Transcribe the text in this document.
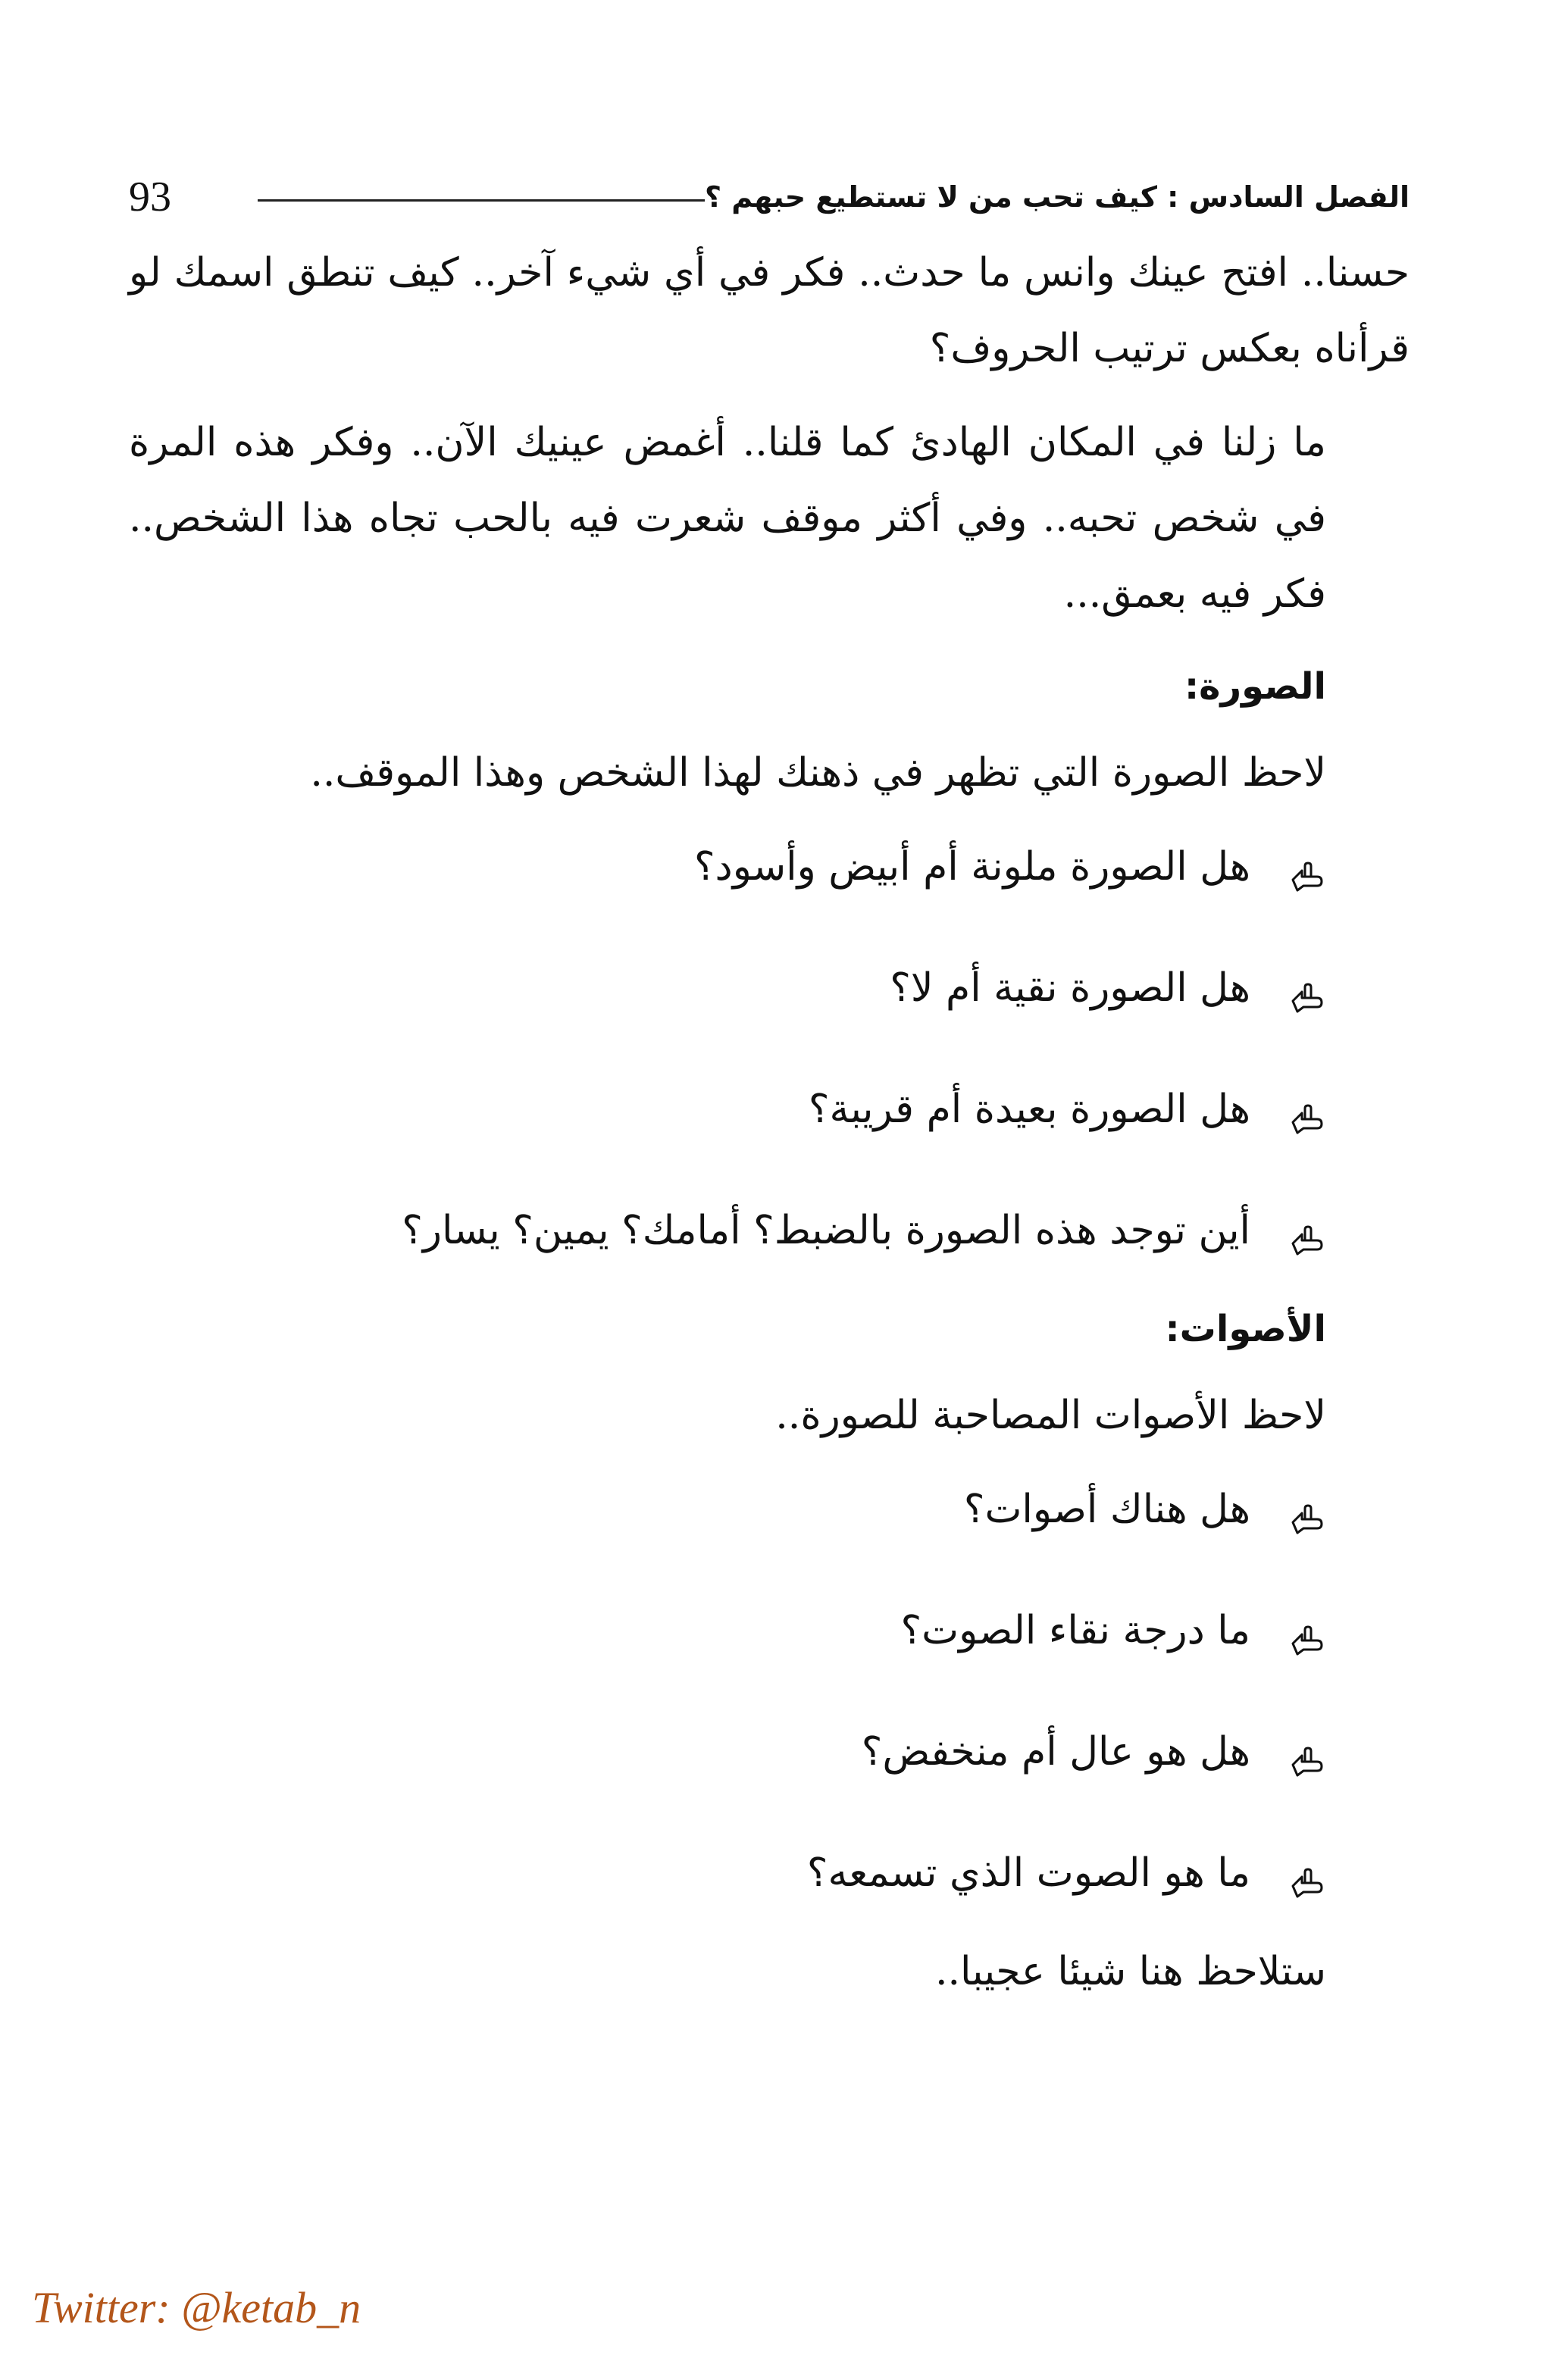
93	الفصل السادس : كيف تحب من لا تستطيع حبهم ؟

حسنا.. افتح عينك وانس ما حدث.. فكر في أي شيء آخر.. كيف تنطق اسمك لو قرأناه بعكس ترتيب الحروف؟

ما زلنا في المكان الهادئ كما قلنا.. أغمض عينيك الآن.. وفكر هذه المرة في شخص تحبه.. وفي أكثر موقف شعرت فيه بالحب تجاه هذا الشخص.. فكر فيه بعمق...

الصورة:

لاحظ الصورة التي تظهر في ذهنك لهذا الشخص وهذا الموقف..

هل الصورة ملونة أم أبيض وأسود؟
هل الصورة نقية أم لا؟
هل الصورة بعيدة أم قريبة؟
أين توجد هذه الصورة بالضبط؟ أمامك؟ يمين؟ يسار؟
الأصوات:

لاحظ الأصوات المصاحبة للصورة..

هل هناك أصوات؟
ما درجة نقاء الصوت؟
هل هو عال أم منخفض؟
ما هو الصوت الذي تسمعه؟

ستلاحظ هنا شيئا عجيبا..

Twitter: @ketab_n
